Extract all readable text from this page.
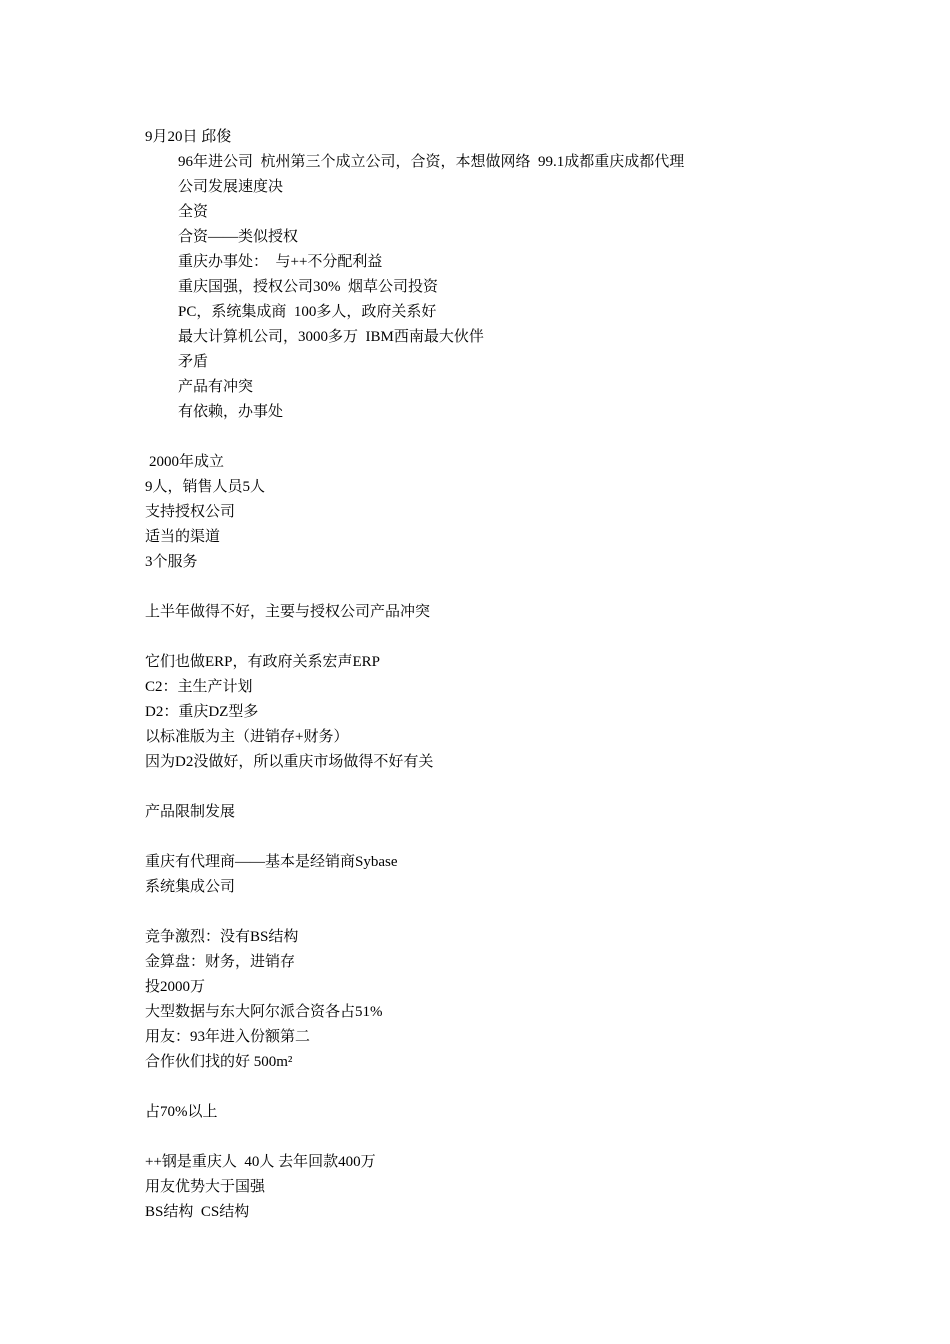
9月20日 邱俊
96年进公司  杭州第三个成立公司，合资，本想做网络  99.1成都重庆成都代理
公司发展速度决
全资
合资——类似授权
重庆办事处：  与++不分配利益
重庆国强，授权公司30%  烟草公司投资
PC，系统集成商  100多人，政府关系好
最大计算机公司，3000多万  IBM西南最大伙伴
矛盾
产品有冲突
有依赖，办事处
2000年成立
9人，销售人员5人
支持授权公司
适当的渠道
3个服务
上半年做得不好，主要与授权公司产品冲突
它们也做ERP，有政府关系宏声ERP
C2：主生产计划
D2：重庆DZ型多
以标准版为主（进销存+财务）
因为D2没做好，所以重庆市场做得不好有关
产品限制发展
重庆有代理商——基本是经销商Sybase
系统集成公司
竞争激烈：没有BS结构
金算盘：财务，进销存
投2000万
大型数据与东大阿尔派合资各占51%
用友：93年进入份额第二
合作伙们找的好 500m²
占70%以上
++钢是重庆人  40人 去年回款400万
用友优势大于国强
BS结构  CS结构
